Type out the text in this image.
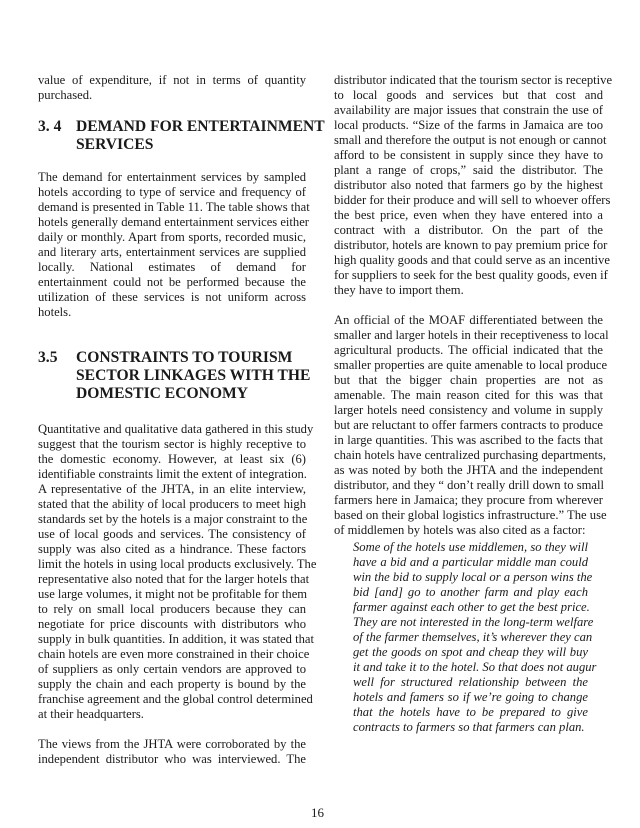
value of expenditure, if not in terms of quantity
purchased.
3. 4 DEMAND FOR ENTERTAINMENT
SERVICES
The demand for entertainment services by sampled
hotels according to type of service and frequency of
demand is presented in Table 11. The table shows that
hotels generally demand entertainment services either
daily or monthly. Apart from sports, recorded music,
and literary arts, entertainment services are supplied
locally. National estimates of demand for
entertainment could not be performed because the
utilization of these services is not uniform across
hotels.
3.5 CONSTRAINTS TO TOURISM
SECTOR LINKAGES WITH THE
DOMESTIC ECONOMY
Quantitative and qualitative data gathered in this study
suggest that the tourism sector is highly receptive to
the domestic economy. However, at least six (6)
identifiable constraints limit the extent of integration.
A representative of the JHTA, in an elite interview,
stated that the ability of local producers to meet high
standards set by the hotels is a major constraint to the
use of local goods and services. The consistency of
supply was also cited as a hindrance. These factors
limit the hotels in using local products exclusively. The
representative also noted that for the larger hotels that
use large volumes, it might not be profitable for them
to rely on small local producers because they can
negotiate for price discounts with distributors who
supply in bulk quantities. In addition, it was stated that
chain hotels are even more constrained in their choice
of suppliers as only certain vendors are approved to
supply the chain and each property is bound by the
franchise agreement and the global control determined
at their headquarters.
The views from the JHTA were corroborated by the
independent distributor who was interviewed. The
distributor indicated that the tourism sector is receptive
to local goods and services but that cost and
availability are major issues that constrain the use of
local products. “Size of the farms in Jamaica are too
small and therefore the output is not enough or cannot
afford to be consistent in supply since they have to
plant a range of crops,” said the distributor. The
distributor also noted that farmers go by the highest
bidder for their produce and will sell to whoever offers
the best price, even when they have entered into a
contract with a distributor. On the part of the
distributor, hotels are known to pay premium price for
high quality goods and that could serve as an incentive
for suppliers to seek for the best quality goods, even if
they have to import them.
An official of the MOAF differentiated between the
smaller and larger hotels in their receptiveness to local
agricultural products. The official indicated that the
smaller properties are quite amenable to local produce
but that the bigger chain properties are not as
amenable. The main reason cited for this was that
larger hotels need consistency and volume in supply
but are reluctant to offer farmers contracts to produce
in large quantities. This was ascribed to the facts that
chain hotels have centralized purchasing departments,
as was noted by both the JHTA and the independent
distributor, and they “ don’t really drill down to small
farmers here in Jamaica; they procure from wherever
based on their global logistics infrastructure.” The use
of middlemen by hotels was also cited as a factor:
Some of the hotels use middlemen, so they will
have a bid and a particular middle man could
win the bid to supply local or a person wins the
bid [and] go to another farm and play each
farmer against each other to get the best price.
They are not interested in the long-term welfare
of the farmer themselves, it’s wherever they can
get the goods on spot and cheap they will buy
it and take it to the hotel. So that does not augur
well for structured relationship between the
hotels and famers so if we’re going to change
that the hotels have to be prepared to give
contracts to farmers so that farmers can plan.
16
